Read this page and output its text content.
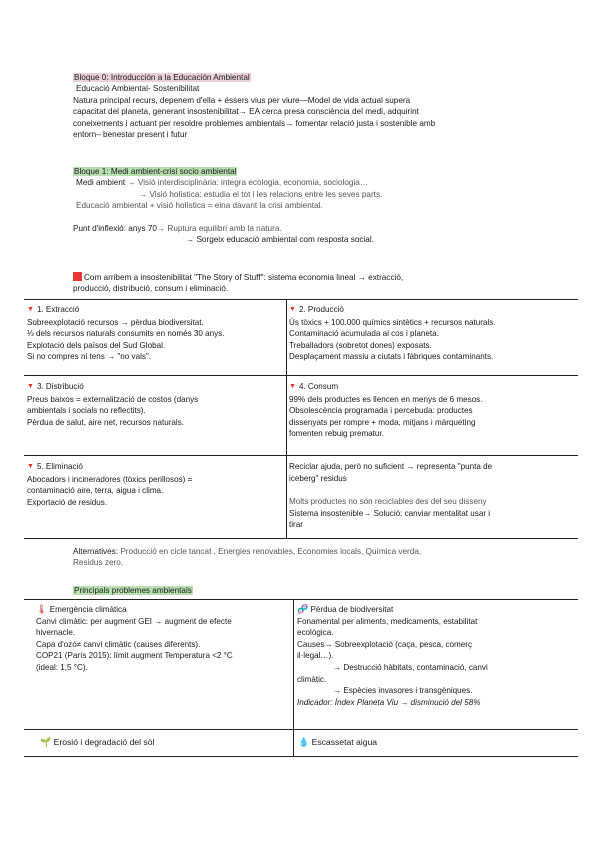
Bloque 0: Introducción a la Educación Ambiental
Educació Ambiental- Sostenibilitat
Natura principal recurs, depenem d'ella + éssers vius per viure—Model de vida actual supera
capacitat del planeta, generant insostenibilitat→ EA cerca presa consciència del medi, adquirint
coneixements i actuant per resoldre problemes ambientals→ fomentar relació justa i sostenible amb
entorn– benestar present i futur
Bloque 1: Medi ambient-crisi socio ambiental
Medi ambient → Visió interdisciplinària: integra ecologia, economia, sociologia…
→ Visió holística: estudia el tot i les relacions entre les seves parts.
Educació ambiental + visió holística = eina davant la crisi ambiental.
Punt d'inflexió: anys 70→ Ruptura equilibri amb la natura.
→ Sorgeix educació ambiental com resposta social.
Com arribem a insostenibilitat "The Story of Stuff": sistema economia lineal → extracció,
producció, distribució, consum i eliminació.
▼ 1. Extracció
Sobreexplotació recursos → pèrdua biodiversitat.
⅓ dels recursos naturals consumits en només 30 anys.
Explotació dels països del Sud Global.
Si no compres ni tens → "no vals".
▼ 2. Producció
Ús tòxics + 100.000 químics sintètics + recursos naturals.
Contaminació acumulada al cos i planeta.
Treballadors (sobretot dones) exposats.
Desplaçament massiu a ciutats i fàbriques contaminants.
▼ 3. Distribució
Preus baixos = externalització de costos (danys
ambientals i socials no reflectits).
Pèrdua de salut, aire net, recursos naturals.
▼ 4. Consum
99% dels productes es llencen en menys de 6 mesos.
Obsolescència programada i percebuda: productes
dissenyats per rompre + moda, mitjans i màrqueting
fomenten rebuig prematur.
▼ 5. Eliminació
Abocadors i incineradores (tòxics perillosos) =
contaminació aire, terra, aigua i clima.
Exportació de residus.
Reciclar ajuda, però no suficient → representa "punta de
iceberg" residus
Molts productes no són reciclables des del seu disseny
Sistema insostenible→ Solució: canviar mentalitat usar i
tirar
Alternatives: Producció en cicle tancat , Energies renovables, Economies locals, Química verda,
Residus zero,
Principals problemes ambientals
🌡 Emergència climàtica
Canvi climàtic: per augment GEI → augment de efecte
hivernacle.
Capa d'ozó≠ canvi climàtic (causes diferents).
COP21 (París 2015): límit augment Temperatura <2 °C
(ideal: 1,5 °C).
🧬 Pèrdua de biodiversitat
Fonamental per aliments, medicaments, estabilitat
ecològica.
Causes→ Sobreexplotació (caça, pesca, comerç
il·legal…).
→ Destrucció hàbitats, contaminació, canvi
climàtic.
→ Espècies invasores i transgèniques.
Indicador: Índex Planeta Viu → disminució del 58%
🌱 Erosió i degradació del sòl	💧 Escassetat aigua
